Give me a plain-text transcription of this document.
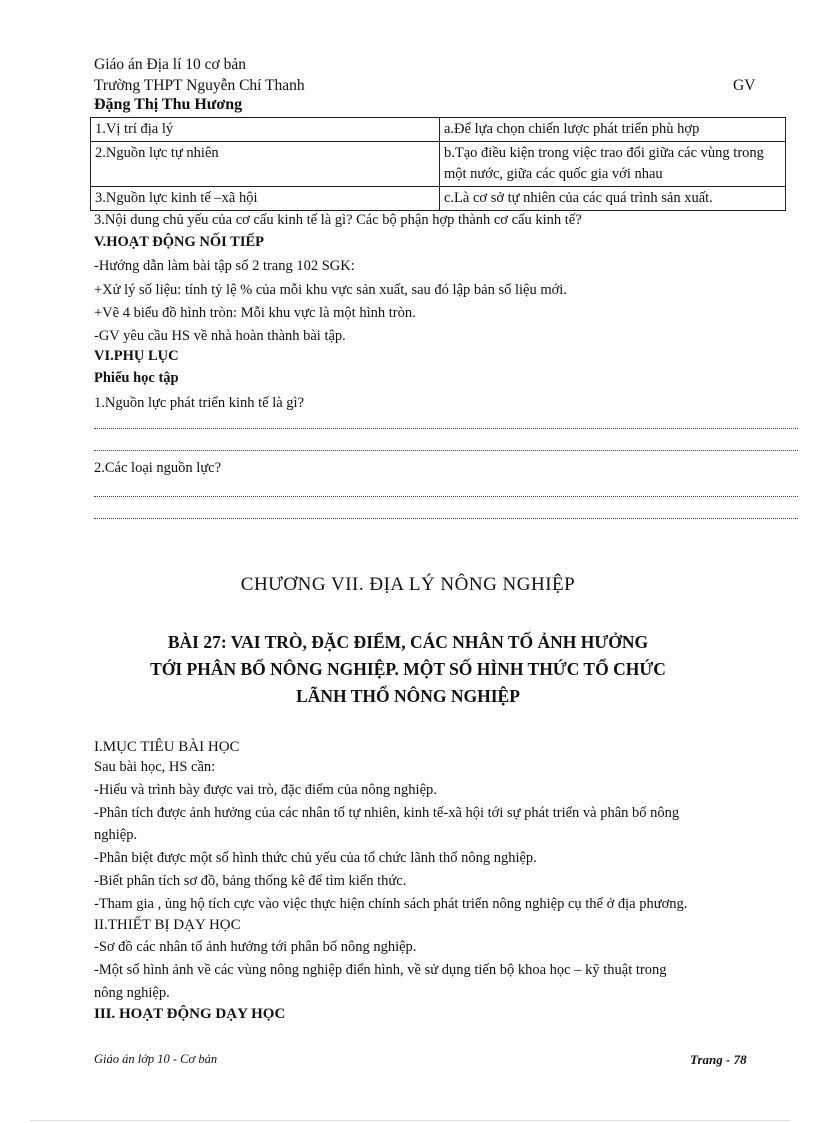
Giáo án Địa lí 10 cơ bản
Trường THPT Nguyễn Chí Thanh	GV
Đặng Thị Thu Hương
1.Vị trí địa lý	a.Để lựa chọn chiến lược phát triển phù hợp
2.Nguồn lực tự nhiên	b.Tạo điều kiện trong việc trao đổi giữa các vùng trong một nước, giữa các quốc gia với nhau
3.Nguồn lực kinh tế –xã hội	c.Là cơ sở tự nhiên của các quá trình sản xuất.
3.Nội dung chủ yếu của cơ cấu kinh tế là gì? Các bộ phận hợp thành cơ cấu kinh tế?
V.HOẠT ĐỘNG NỐI TIẾP
-Hướng dẫn làm bài tập số 2 trang 102 SGK:
+Xử lý số liệu: tính tỷ lệ % của mỗi khu vực sản xuất, sau đó lập bản số liệu mới.
+Vẽ 4 biểu đồ hình tròn: Mỗi khu vực là một hình tròn.
-GV yêu cầu HS về nhà hoàn thành bài tập.
VI.PHỤ LỤC
Phiếu học tập
1.Nguồn lực phát triển kinh tế là gì?
2.Các loại nguồn lực?
CHƯƠNG VII. ĐỊA LÝ NÔNG NGHIỆP
BÀI 27: VAI TRÒ, ĐẶC ĐIỂM, CÁC NHÂN TỐ ẢNH HƯỞNG
TỚI PHÂN BỐ NÔNG NGHIỆP. MỘT SỐ HÌNH THỨC TỔ CHỨC
LÃNH THỔ NÔNG NGHIỆP
I.MỤC TIÊU BÀI HỌC
Sau bài học, HS cần:
-Hiểu và trình bày được vai trò, đặc điểm của nông nghiệp.
-Phân tích được ảnh hưởng của các nhân tố tự nhiên, kinh tế-xã hội tới sự phát triển và phân bố nông
nghiệp.
-Phân biệt được một số hình thức chủ yếu của tổ chức lãnh thổ nông nghiệp.
-Biết phân tích sơ đồ, bảng thống kê để tìm kiến thức.
-Tham gia , ủng hộ tích cực vào việc thực hiện chính sách phát triển nông nghiệp cụ thể ở địa phương.
II.THIẾT BỊ DẠY HỌC
-Sơ đồ các nhân tố ảnh hưởng tới phân bố nông nghiệp.
-Một số hình ảnh về các vùng nông nghiệp điển hình, về sử dụng tiến bộ khoa học – kỹ thuật trong
nông nghiệp.
III. HOẠT ĐỘNG DẠY HỌC
Giáo án lớp 10 - Cơ bản	Trang - 78
